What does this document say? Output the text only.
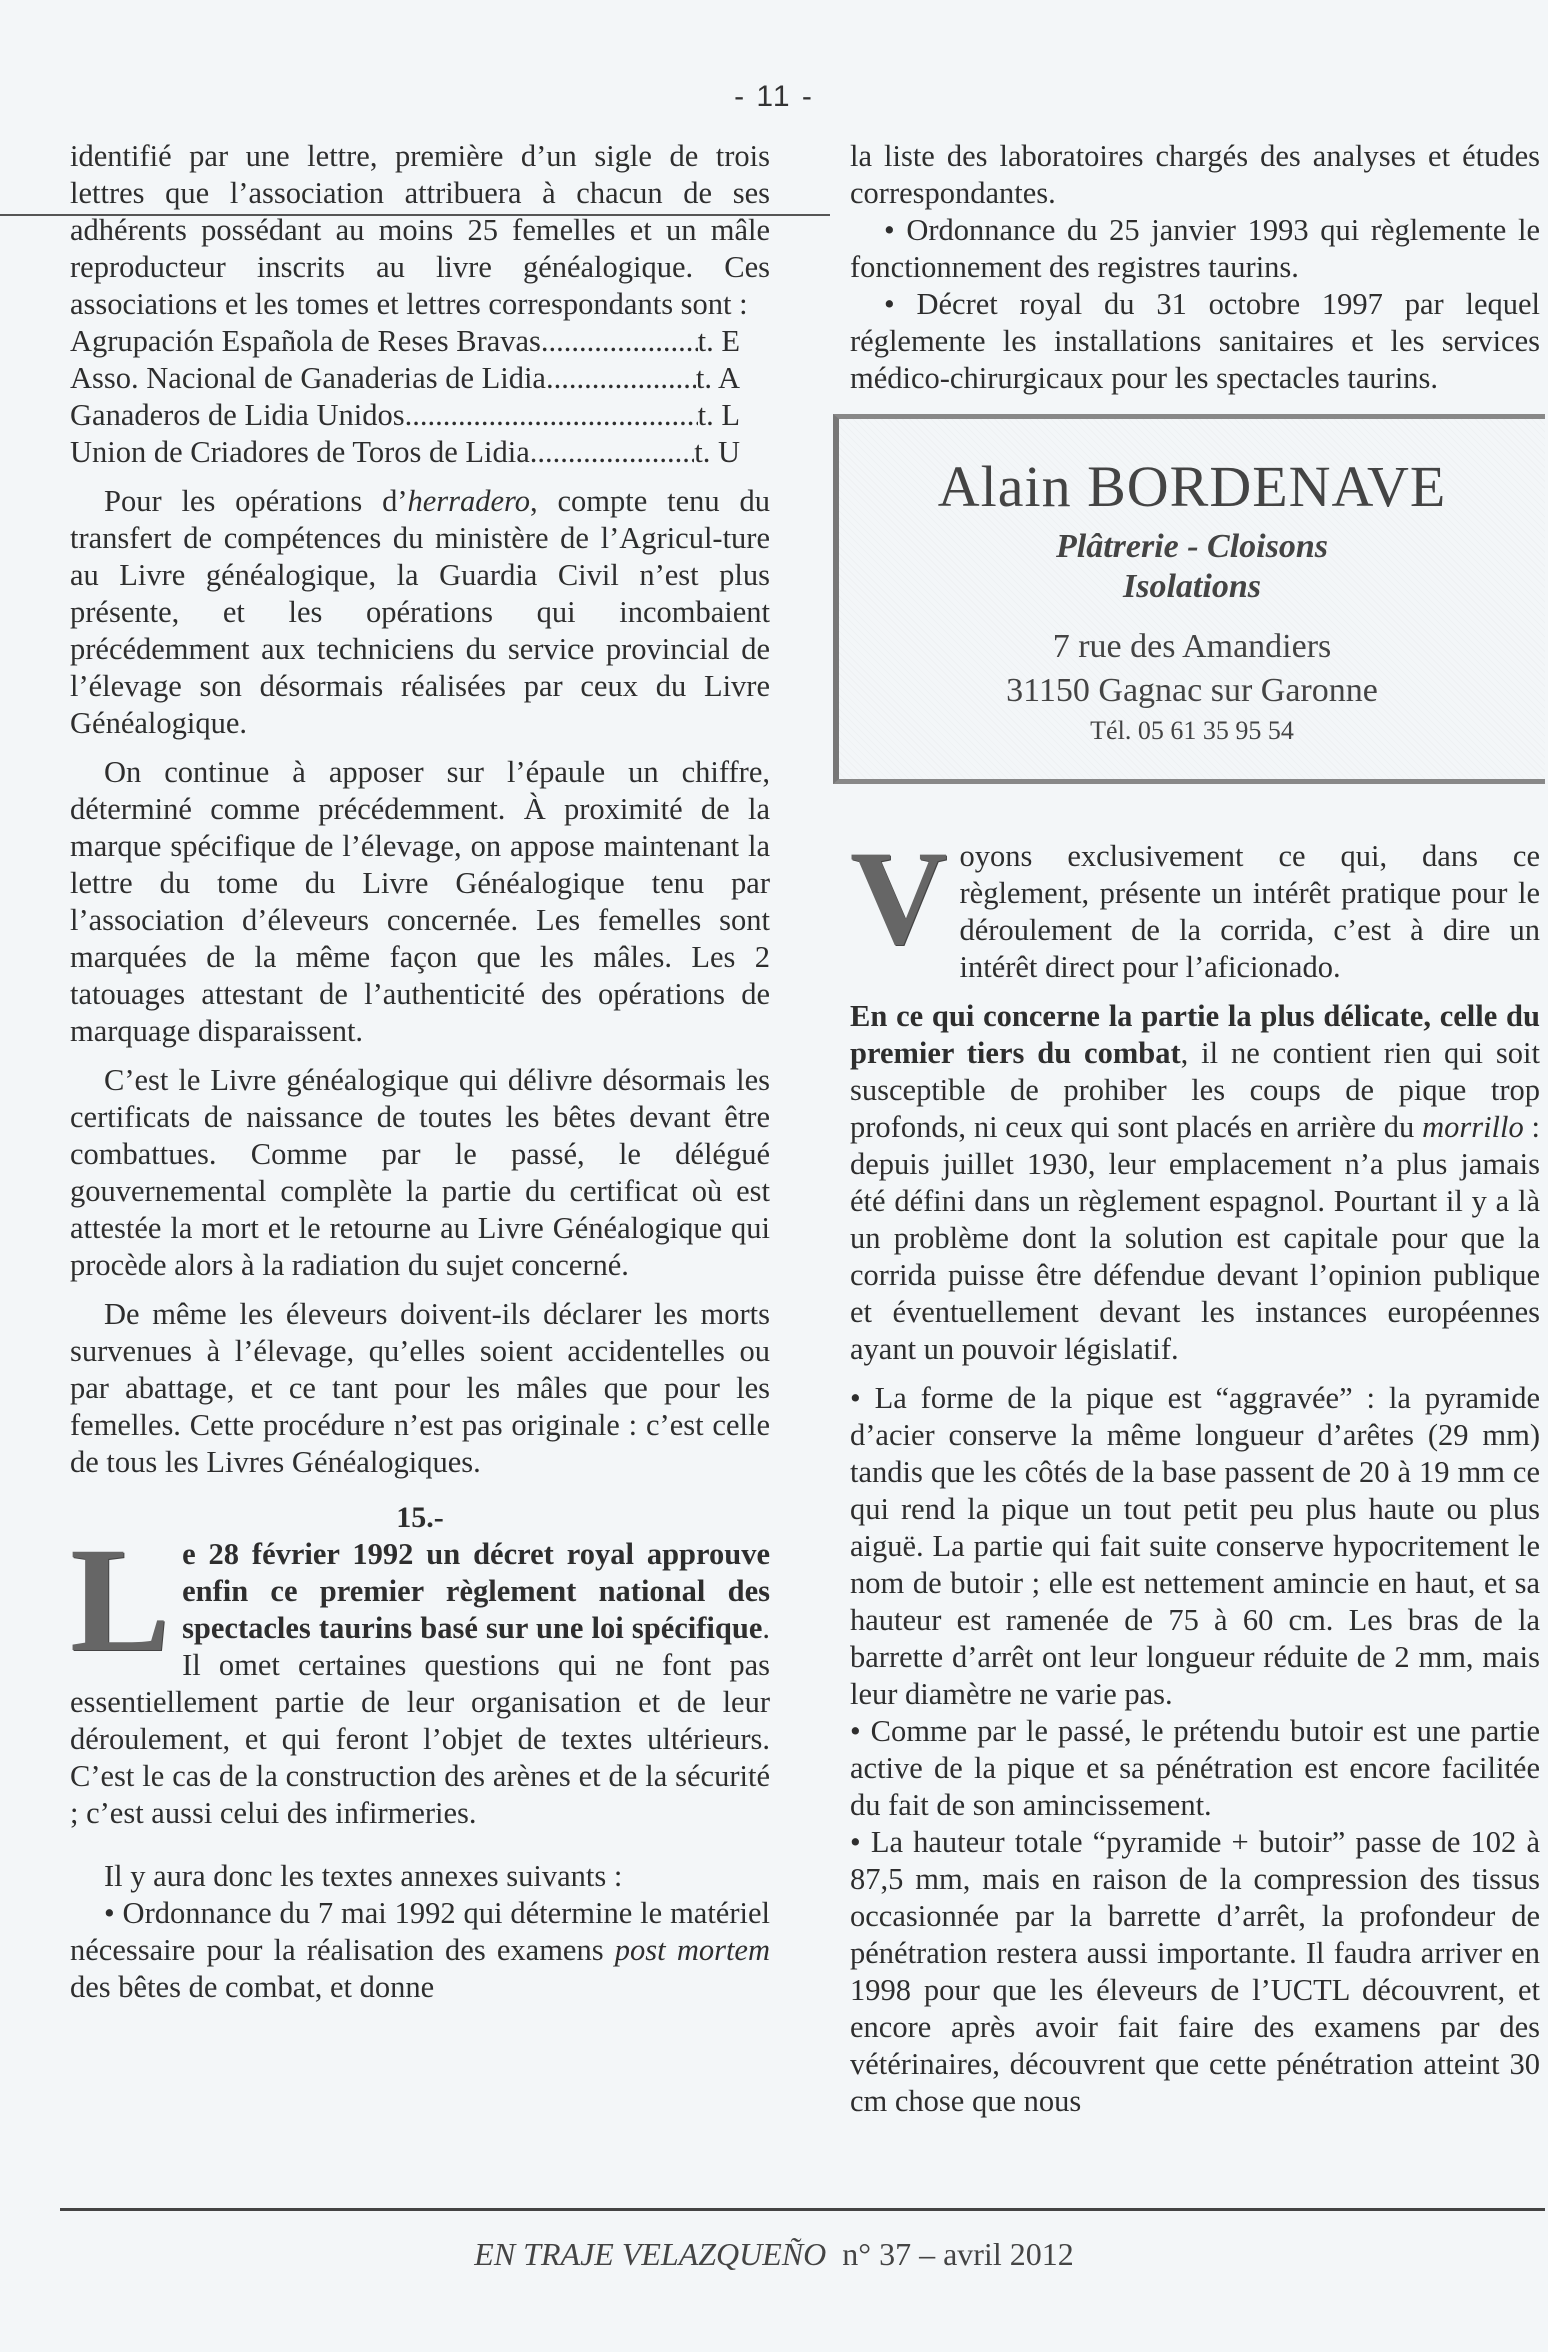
- 11 -

identifié par une lettre, première d’un sigle de trois lettres que l’association attribuera à chacun de ses adhérents possédant au moins 25 femelles et un mâle reproducteur inscrits au livre généalogique. Ces associations et les tomes et lettres correspondants sont :

Agrupación Española de Reses Bravas .....	t. E
Asso. Nacional de Ganaderias de Lidia .....	t. A
Ganaderos de Lidia Unidos .....	t. L
Union de Criadores de Toros de Lidia .....	t. U

Pour les opérations d’herradero, compte tenu du transfert de compétences du ministère de l’Agricul-ture au Livre généalogique, la Guardia Civil n’est plus présente, et les opérations qui incombaient précédemment aux techniciens du service provincial de l’élevage son désormais réalisées par ceux du Livre Généalogique.

On continue à apposer sur l’épaule un chiffre, déterminé comme précédemment. À proximité de la marque spécifique de l’élevage, on appose maintenant la lettre du tome du Livre Généalogique tenu par l’association d’éleveurs concernée. Les femelles sont marquées de la même façon que les mâles. Les 2 tatouages attestant de l’authenticité des opérations de marquage disparaissent.

C’est le Livre généalogique qui délivre désormais les certificats de naissance de toutes les bêtes devant être combattues. Comme par le passé, le délégué gouvernemental complète la partie du certificat où est attestée la mort et le retourne au Livre Généalogique qui procède alors à la radiation du sujet concerné.

De même les éleveurs doivent-ils déclarer les morts survenues à l’élevage, qu’elles soient accidentelles ou par abattage, et ce tant pour les mâles que pour les femelles. Cette procédure n’est pas originale : c’est celle de tous les Livres Généalogiques.

15.-

Le 28 février 1992 un décret royal approuve enfin ce premier règlement national des spectacles taurins basé sur une loi spécifique. Il omet certaines questions qui ne font pas essentiellement partie de leur organisation et de leur déroulement, et qui feront l’objet de textes ultérieurs. C’est le cas de la construction des arènes et de la sécurité ; c’est aussi celui des infirmeries.

Il y aura donc les textes annexes suivants :

• Ordonnance du 7 mai 1992 qui détermine le matériel nécessaire pour la réalisation des examens post mortem des bêtes de combat, et donne

la liste des laboratoires chargés des analyses et études correspondantes.

• Ordonnance du 25 janvier 1993 qui règlemente le fonctionnement des registres taurins.

• Décret royal du 31 octobre 1997 par lequel réglemente les installations sanitaires et les services médico-chirurgicaux pour les spectacles taurins.

Alain BORDENAVE
Plâtrerie - Cloisons
Isolations
7 rue des Amandiers
31150 Gagnac sur Garonne
Tél. 05 61 35 95 54

Voyons exclusivement ce qui, dans ce règlement, présente un intérêt pratique pour le déroulement de la corrida, c’est à dire un intérêt direct pour l’aficionado.

En ce qui concerne la partie la plus délicate, celle du premier tiers du combat, il ne contient rien qui soit susceptible de prohiber les coups de pique trop profonds, ni ceux qui sont placés en arrière du morrillo : depuis juillet 1930, leur emplacement n’a plus jamais été défini dans un règlement espagnol. Pourtant il y a là un problème dont la solution est capitale pour que la corrida puisse être défendue devant l’opinion publique et éventuellement devant les instances européennes ayant un pouvoir législatif.

• La forme de la pique est “aggravée” : la pyramide d’acier conserve la même longueur d’arêtes (29 mm) tandis que les côtés de la base passent de 20 à 19 mm ce qui rend la pique un tout petit peu plus haute ou plus aiguë. La partie qui fait suite conserve hypocritement le nom de butoir ; elle est nettement amincie en haut, et sa hauteur est ramenée de 75 à 60 cm. Les bras de la barrette d’arrêt ont leur longueur réduite de 2 mm, mais leur diamètre ne varie pas.

• Comme par le passé, le prétendu butoir est une partie active de la pique et sa pénétration est encore facilitée du fait de son amincissement.

• La hauteur totale “pyramide + butoir” passe de 102 à 87,5 mm, mais en raison de la compression des tissus occasionnée par la barrette d’arrêt, la profondeur de pénétration restera aussi importante. Il faudra arriver en 1998 pour que les éleveurs de l’UCTL découvrent, et encore après avoir fait faire des examens par des vétérinaires, découvrent que cette pénétration atteint 30 cm chose que nous

EN TRAJE VELAZQUEÑO n° 37 – avril 2012
